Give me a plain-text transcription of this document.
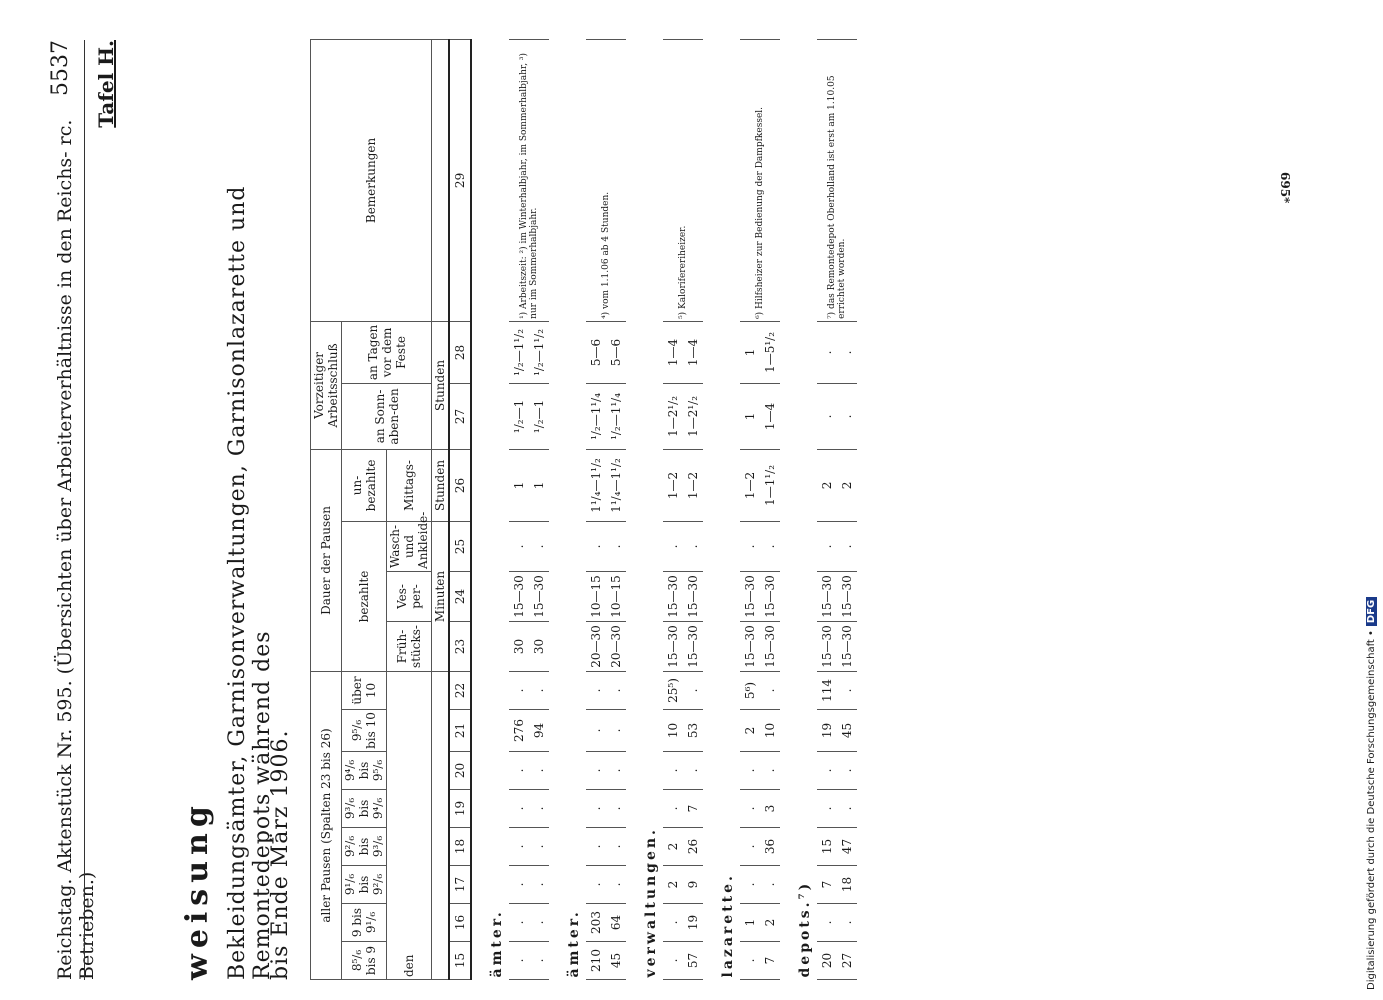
Reichstag. Aktenstück Nr. 595. (Übersichten über Arbeiterverhältnisse in den Reichs- rc. Betrieben.)
5537 Tafel H.
weisung Bekleidungsämter, Garnisonverwaltungen, Garnisonlazarette und Remontedepots während des
bis Ende März 1906. aller Pausen (Spalten 23 bis 26)								Dauer der Pausen				Vorzeitiger Arbeitsschluß		Bemerkungen
8⁵/₆ bis 9	9 bis 9¹/₆	9¹/₆ bis 9²/₆	9²/₆ bis 9³/₆	9³/₆ bis 9⁴/₆	9⁴/₆ bis 9⁵/₆	9⁵/₆ bis 10	über 10	bezahlte			un-bezahlte	an Sonn-aben-den	an Tagen vor dem Feste	
den								Früh-stücks-	Ves-per-	Wasch- und Ankleide-	Mittags-			
								Minuten			Stunden	Stunden		
15	16	17	18	19	20	21	22	23	24	25	26	27	28	29
ämter.														
.	.	.	.	.	.	276	.	30	15—30	.	1	¹/₂—1	¹/₂—1¹/₂	¹) Arbeitszeit: ²) im Winterhalbjahr, im Sommerhalbjahr, ³) nur im Sommerhalbjahr.
.	.	.	.	.	.	94	.	30	15—30	.	1	¹/₂—1	¹/₂—1¹/₂	
ämter.														
210	203	.	.	.	.	.	.	20—30	10—15	.	1¹/₄—1¹/₂	¹/₂—1¹/₄	5—6	⁴) vom 1.1.06 ab 4 Stunden.
45	64	.	.	.	.	.	.	20—30	10—15	.	1¹/₄—1¹/₂	¹/₂—1¹/₄	5—6	
verwaltungen.														
.	.	2	2	.	.	10	25⁵)	15—30	15—30	.	1—2	1—2¹/₂	1—4	⁵) Kalorifereriheizer.
57	19	9	26	7	.	53	.	15—30	15—30	.	1—2	1—2¹/₂	1—4	
lazarette.														
.	1	.	.	.	.	2	5⁶)	15—30	15—30	.	1—2	1	1	⁶) Hilfsheizer zur Bedienung der Dampfkessel.
7	2	.	36	3	.	10	.	15—30	15—30	.	1—1¹/₂	1—4	1—5¹/₂	
depots.⁷)														
20	.	7	15	.	.	19	114	15—30	15—30	.	2	.	.	⁷) das Remontedepot Oberholland ist erst am 1.10.05 errichtet worden.
27	.	18	47	.	.	45	.	15—30	15—30	.	2	.	.	
695*
Digitalisierung gefördert durch die Deutsche Forschungsgemeinschaft •DFG
